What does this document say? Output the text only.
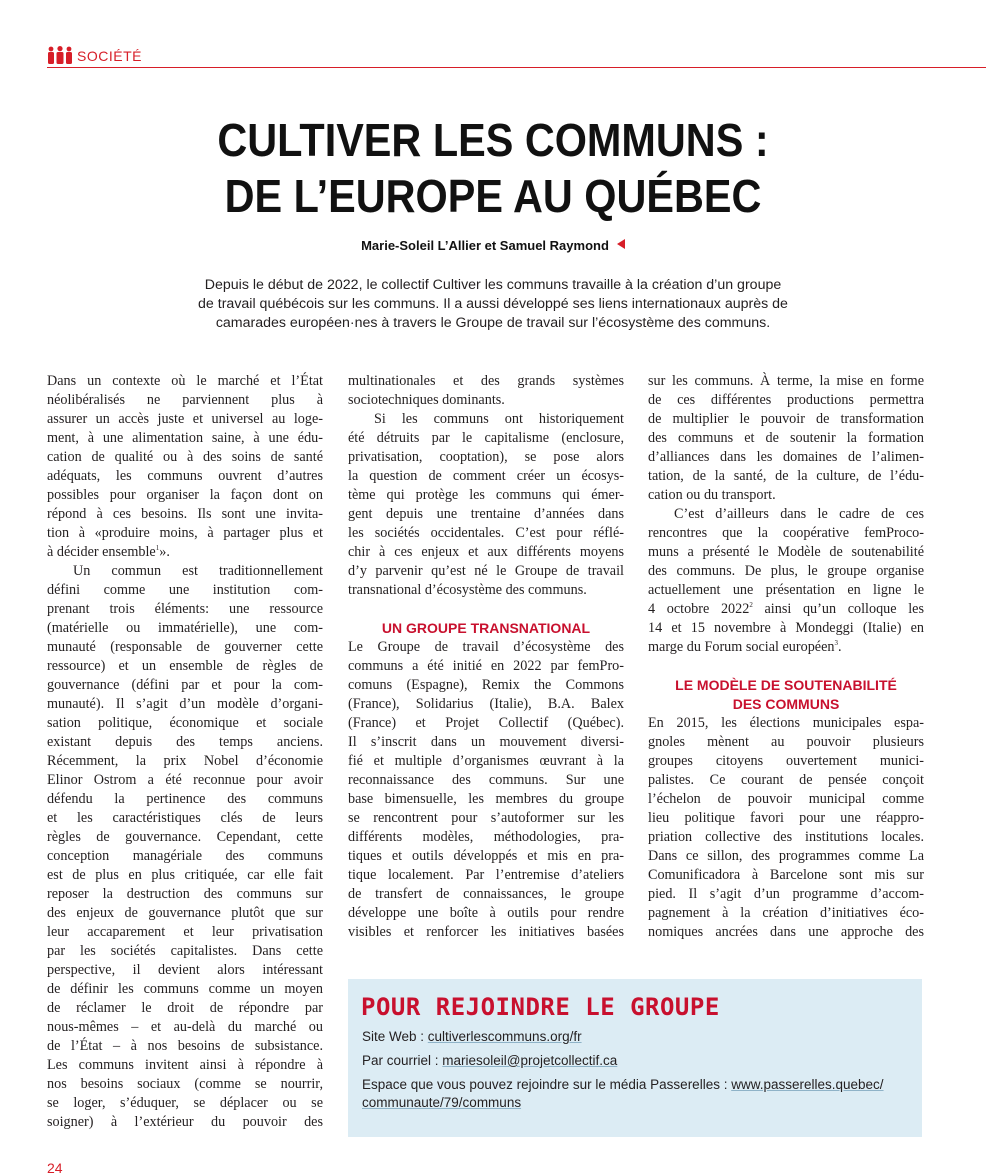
SOCIÉTÉ
CULTIVER LES COMMUNS :
DE L’EUROPE AU QUÉBEC
Marie-Soleil L’Allier et Samuel Raymond
Depuis le début de 2022, le collectif Cultiver les communs travaille à la création d’un groupe
de travail québécois sur les communs. Il a aussi développé ses liens internationaux auprès de
camarades européen·nes à travers le Groupe de travail sur l’écosystème des communs.
Dans un contexte où le marché et l’État
néolibéralisés ne parviennent plus à
assurer un accès juste et universel au loge-
ment, à une alimentation saine, à une édu-
cation de qualité ou à des soins de santé
adéquats, les communs ouvrent d’autres
possibles pour organiser la façon dont on
répond à ces besoins. Ils sont une invita-
tion à «produire moins, à partager plus et
à décider ensemble$^1$».
Un commun est traditionnellement
défini comme une institution com-
prenant trois éléments: une ressource
(matérielle ou immatérielle), une com-
munauté (responsable de gouverner cette
ressource) et un ensemble de règles de
gouvernance (défini par et pour la com-
munauté). Il s’agit d’un modèle d’organi-
sation politique, économique et sociale
existant depuis des temps anciens.
Récemment, la prix Nobel d’économie
Elinor Ostrom a été reconnue pour avoir
défendu la pertinence des communs
et les caractéristiques clés de leurs
règles de gouvernance. Cependant, cette
conception managériale des communs
est de plus en plus critiquée, car elle fait
reposer la destruction des communs sur
des enjeux de gouvernance plutôt que sur
leur accaparement et leur privatisation
par les sociétés capitalistes. Dans cette
perspective, il devient alors intéressant
de définir les communs comme un moyen
de réclamer le droit de répondre par
nous-mêmes – et au-delà du marché ou
de l’État – à nos besoins de subsistance.
Les communs invitent ainsi à répondre à
nos besoins sociaux (comme se nourrir,
se loger, s’éduquer, se déplacer ou se
soigner) à l’extérieur du pouvoir des
multinationales et des grands systèmes
sociotechniques dominants.
Si les communs ont historiquement
été détruits par le capitalisme (enclosure,
privatisation, cooptation), se pose alors
la question de comment créer un écosys-
tème qui protège les communs qui émer-
gent depuis une trentaine d’années dans
les sociétés occidentales. C’est pour réflé-
chir à ces enjeux et aux différents moyens
d’y parvenir qu’est né le Groupe de travail
transnational d’écosystème des communs.
UN GROUPE TRANSNATIONAL
Le Groupe de travail d’écosystème des
communs a été initié en 2022 par femPro-
comuns (Espagne), Remix the Commons
(France), Solidarius (Italie), B.A. Balex
(France) et Projet Collectif (Québec).
Il s’inscrit dans un mouvement diversi-
fié et multiple d’organismes œuvrant à la
reconnaissance des communs. Sur une
base bimensuelle, les membres du groupe
se rencontrent pour s’autoformer sur les
différents modèles, méthodologies, pra-
tiques et outils développés et mis en pra-
tique localement. Par l’entremise d’ateliers
de transfert de connaissances, le groupe
développe une boîte à outils pour rendre
visibles et renforcer les initiatives basées
sur les communs. À terme, la mise en forme
de ces différentes productions permettra
de multiplier le pouvoir de transformation
des communs et de soutenir la formation
d’alliances dans les domaines de l’alimen-
tation, de la santé, de la culture, de l’édu-
cation ou du transport.
C’est d’ailleurs dans le cadre de ces
rencontres que la coopérative femProco-
muns a présenté le Modèle de soutenabilité
des communs. De plus, le groupe organise
actuellement une présentation en ligne le
4 octobre 2022$^2$ ainsi qu’un colloque les
14 et 15 novembre à Mondeggi (Italie) en
marge du Forum social européen$^3$.
LE MODÈLE DE SOUTENABILITÉ
DES COMMUNS
En 2015, les élections municipales espa-
gnoles mènent au pouvoir plusieurs
groupes citoyens ouvertement munici-
palistes. Ce courant de pensée conçoit
l’échelon de pouvoir municipal comme
lieu politique favori pour une réappro-
priation collective des institutions locales.
Dans ce sillon, des programmes comme La
Comunificadora à Barcelone sont mis sur
pied. Il s’agit d’un programme d’accom-
pagnement à la création d’initiatives éco-
nomiques ancrées dans une approche des
POUR REJOINDRE LE GROUPE
Site Web : cultiverlescommuns.org/fr
Par courriel : mariesoleil@projetcollectif.ca
Espace que vous pouvez rejoindre sur le média Passerelles : www.passerelles.quebec/
communaute/79/communs
24
